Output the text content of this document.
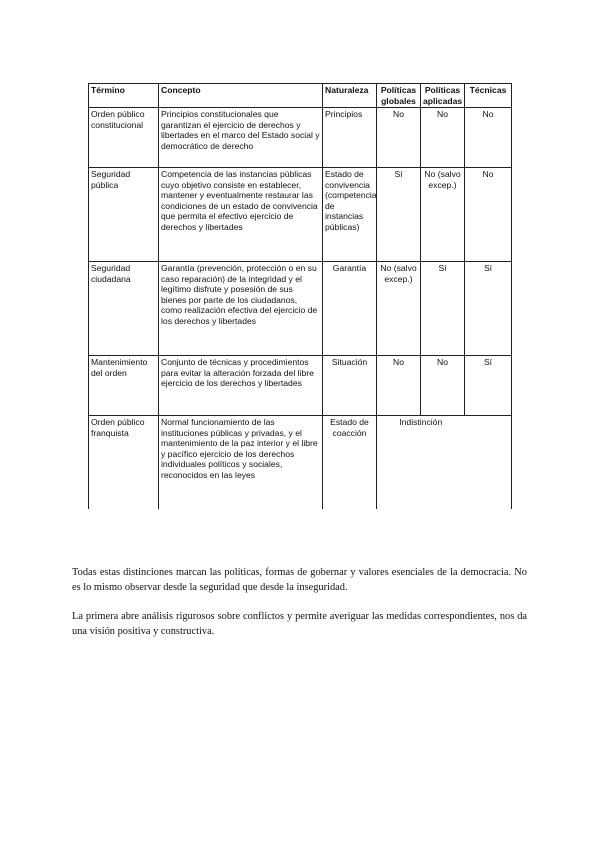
Término	Concepto	Naturaleza	Políticas globales	Políticas aplicadas	Técnicas
Orden público constitucional	Principios constitucionales que garantizan el ejercicio de derechos y libertades en el marco del Estado social y democrático de derecho	Principios	No	No	No
Seguridad pública	Competencia de las instancias públicas cuyo objetivo consiste en establecer, mantener y eventualmente restaurar las condiciones de un estado de convivencia que permita el efectivo ejercicio de derechos y libertades	Estado de convivencia (competencia de instancias públicas)	Sí	No (salvo excep.)	No
Seguridad ciudadana	Garantía (prevención, protección o en su caso reparación) de la integridad y el legítimo disfrute y posesión de sus bienes por parte de los ciudadanos, como realización efectiva del ejercicio de los derechos y libertades	Garantía	No (salvo excep.)	Sí	Sí
Mantenimiento del orden	Conjunto de técnicas y procedimientos para evitar la alteración forzada del libre ejercicio de los derechos y libertades	Situación	No	No	Sí
Orden público franquista	Normal funcionamiento de las instituciones públicas y privadas, y el mantenimiento de la paz interior y el libre y pacífico ejercicio de los derechos individuales políticos y sociales, reconocidos en las leyes	Estado de coacción	Indistinción		

Todas estas distinciones marcan las políticas, formas de gobernar y valores esenciales de la democracia. No es lo mismo observar desde la seguridad que desde la inseguridad.

La primera abre análisis rigurosos sobre conflictos y permite averiguar las medidas correspondientes, nos da una visión positiva y constructiva.
